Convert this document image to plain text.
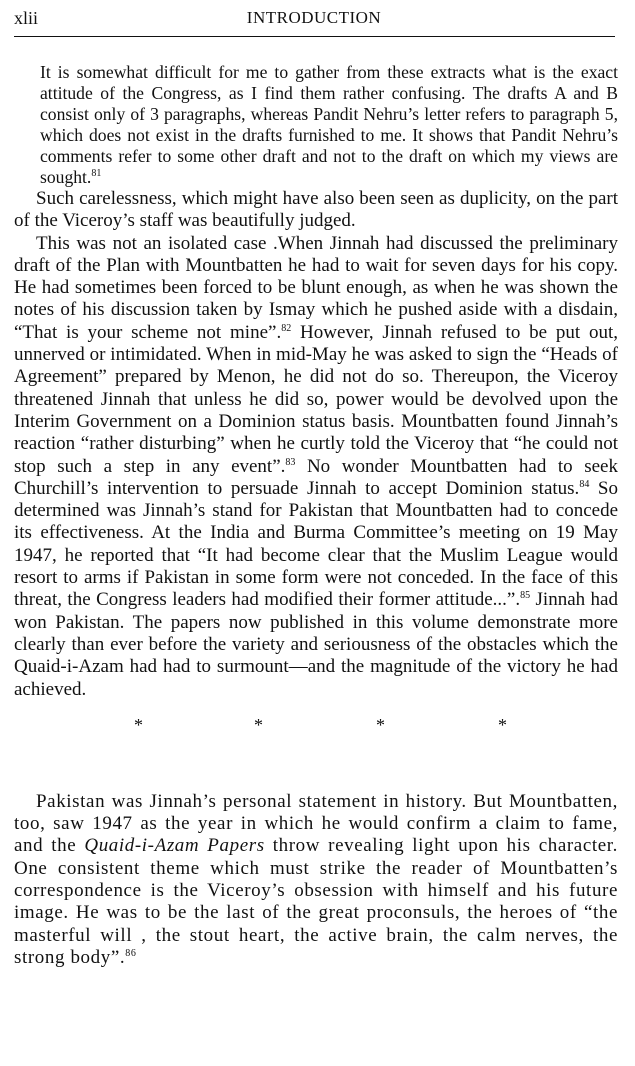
xlii	INTRODUCTION

It is somewhat difficult for me to gather from these extracts what is the exact attitude of the Congress, as I find them rather confusing. The drafts A and B consist only of 3 paragraphs, whereas Pandit Nehru’s letter refers to paragraph 5, which does not exist in the drafts furnished to me. It shows that Pandit Nehru’s comments refer to some other draft and not to the draft on which my views are sought.$^{81}$

Such carelessness, which might have also been seen as duplicity, on the part of the Viceroy’s staff was beautifully judged.

This was not an isolated case .When Jinnah had discussed the preliminary draft of the Plan with Mountbatten he had to wait for seven days for his copy. He had sometimes been forced to be blunt enough, as when he was shown the notes of his discussion taken by Ismay which he pushed aside with a disdain, “That is your scheme not mine”.$^{82}$ However, Jinnah refused to be put out, unnerved or intimidated. When in mid-May he was asked to sign the “Heads of Agreement” prepared by Menon, he did not do so. Thereupon, the Viceroy threatened Jinnah that unless he did so, power would be devolved upon the Interim Government on a Dominion status basis. Mountbatten found Jinnah’s reaction “rather disturbing” when he curtly told the Viceroy that “he could not stop such a step in any event”.$^{83}$ No wonder Mountbatten had to seek Churchill’s intervention to persuade Jinnah to accept Dominion status.$^{84}$ So determined was Jinnah’s stand for Pakistan that Mountbatten had to concede its effectiveness. At the India and Burma Committee’s meeting on 19 May 1947, he reported that “It had become clear that the Muslim League would resort to arms if Pakistan in some form were not conceded. In the face of this threat, the Congress leaders had modified their former attitude...”.$^{85}$ Jinnah had won Pakistan. The papers now published in this volume demonstrate more clearly than ever before the variety and seriousness of the obstacles which the Quaid-i-Azam had had to surmount—and the magnitude of the victory he had achieved.

*	*	*	*

Pakistan was Jinnah’s personal statement in history. But Mountbatten, too, saw 1947 as the year in which he would confirm a claim to fame, and the Quaid-i-Azam Papers throw revealing light upon his character. One consistent theme which must strike the reader of Mountbatten’s correspondence is the Viceroy’s obsession with himself and his future image. He was to be the last of the great proconsuls, the heroes of “the masterful will , the stout heart, the active brain, the calm nerves, the strong body”.$^{86}$
